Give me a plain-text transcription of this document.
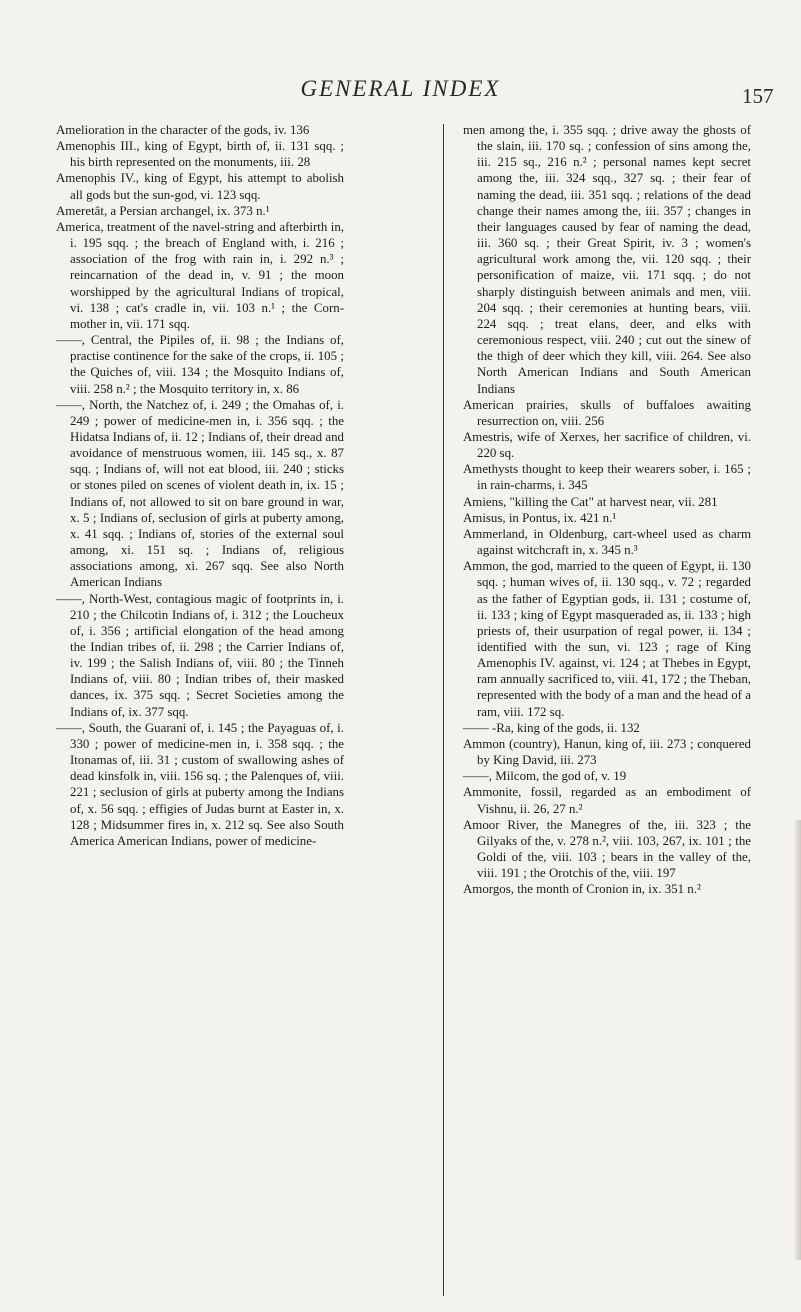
GENERAL INDEX	157

Amelioration in the character of the gods, iv. 136

Amenophis III., king of Egypt, birth of, ii. 131 sqq. ; his birth represented on the monuments, iii. 28

Amenophis IV., king of Egypt, his attempt to abolish all gods but the sun-god, vi. 123 sqq.

Ameretât, a Persian archangel, ix. 373 n.¹

America, treatment of the navel-string and afterbirth in, i. 195 sqq. ; the breach of England with, i. 216 ; association of the frog with rain in, i. 292 n.³ ; reincarnation of the dead in, v. 91 ; the moon worshipped by the agricultural Indians of tropical, vi. 138 ; cat's cradle in, vii. 103 n.¹ ; the Corn-mother in, vii. 171 sqq.

——, Central, the Pipiles of, ii. 98 ; the Indians of, practise continence for the sake of the crops, ii. 105 ; the Quiches of, viii. 134 ; the Mosquito Indians of, viii. 258 n.² ; the Mosquito territory in, x. 86

——, North, the Natchez of, i. 249 ; the Omahas of, i. 249 ; power of medicine-men in, i. 356 sqq. ; the Hidatsa Indians of, ii. 12 ; Indians of, their dread and avoidance of menstruous women, iii. 145 sq., x. 87 sqq. ; Indians of, will not eat blood, iii. 240 ; sticks or stones piled on scenes of violent death in, ix. 15 ; Indians of, not allowed to sit on bare ground in war, x. 5 ; Indians of, seclusion of girls at puberty among, x. 41 sqq. ; Indians of, stories of the external soul among, xi. 151 sq. ; Indians of, religious associations among, xi. 267 sqq. See also North American Indians

——, North-West, contagious magic of footprints in, i. 210 ; the Chilcotin Indians of, i. 312 ; the Loucheux of, i. 356 ; artificial elongation of the head among the Indian tribes of, ii. 298 ; the Carrier Indians of, iv. 199 ; the Salish Indians of, viii. 80 ; the Tinneh Indians of, viii. 80 ; Indian tribes of, their masked dances, ix. 375 sqq. ; Secret Societies among the Indians of, ix. 377 sqq.

——, South, the Guarani of, i. 145 ; the Payaguas of, i. 330 ; power of medicine-men in, i. 358 sqq. ; the Itonamas of, iii. 31 ; custom of swallowing ashes of dead kinsfolk in, viii. 156 sq. ; the Palenques of, viii. 221 ; seclusion of girls at puberty among the Indians of, x. 56 sqq. ; effigies of Judas burnt at Easter in, x. 128 ; Midsummer fires in, x. 212 sq. See also South America American Indians, power of medicine-

men among the, i. 355 sqq. ; drive away the ghosts of the slain, iii. 170 sq. ; confession of sins among the, iii. 215 sq., 216 n.² ; personal names kept secret among the, iii. 324 sqq., 327 sq. ; their fear of naming the dead, iii. 351 sqq. ; relations of the dead change their names among the, iii. 357 ; changes in their languages caused by fear of naming the dead, iii. 360 sq. ; their Great Spirit, iv. 3 ; women's agricultural work among the, vii. 120 sqq. ; their personification of maize, vii. 171 sqq. ; do not sharply distinguish between animals and men, viii. 204 sqq. ; their ceremonies at hunting bears, viii. 224 sqq. ; treat elans, deer, and elks with ceremonious respect, viii. 240 ; cut out the sinew of the thigh of deer which they kill, viii. 264. See also North American Indians and South American Indians

American prairies, skulls of buffaloes awaiting resurrection on, viii. 256

Amestris, wife of Xerxes, her sacrifice of children, vi. 220 sq.

Amethysts thought to keep their wearers sober, i. 165 ; in rain-charms, i. 345

Amiens, "killing the Cat" at harvest near, vii. 281

Amisus, in Pontus, ix. 421 n.¹

Ammerland, in Oldenburg, cart-wheel used as charm against witchcraft in, x. 345 n.³

Ammon, the god, married to the queen of Egypt, ii. 130 sqq. ; human wives of, ii. 130 sqq., v. 72 ; regarded as the father of Egyptian gods, ii. 131 ; costume of, ii. 133 ; king of Egypt masqueraded as, ii. 133 ; high priests of, their usurpation of regal power, ii. 134 ; identified with the sun, vi. 123 ; rage of King Amenophis IV. against, vi. 124 ; at Thebes in Egypt, ram annually sacrificed to, viii. 41, 172 ; the Theban, represented with the body of a man and the head of a ram, viii. 172 sq.

—— -Ra, king of the gods, ii. 132

Ammon (country), Hanun, king of, iii. 273 ; conquered by King David, iii. 273

——, Milcom, the god of, v. 19

Ammonite, fossil, regarded as an embodiment of Vishnu, ii. 26, 27 n.²

Amoor River, the Manegres of the, iii. 323 ; the Gilyaks of the, v. 278 n.², viii. 103, 267, ix. 101 ; the Goldi of the, viii. 103 ; bears in the valley of the, viii. 191 ; the Orotchis of the, viii. 197

Amorgos, the month of Cronion in, ix. 351 n.²
